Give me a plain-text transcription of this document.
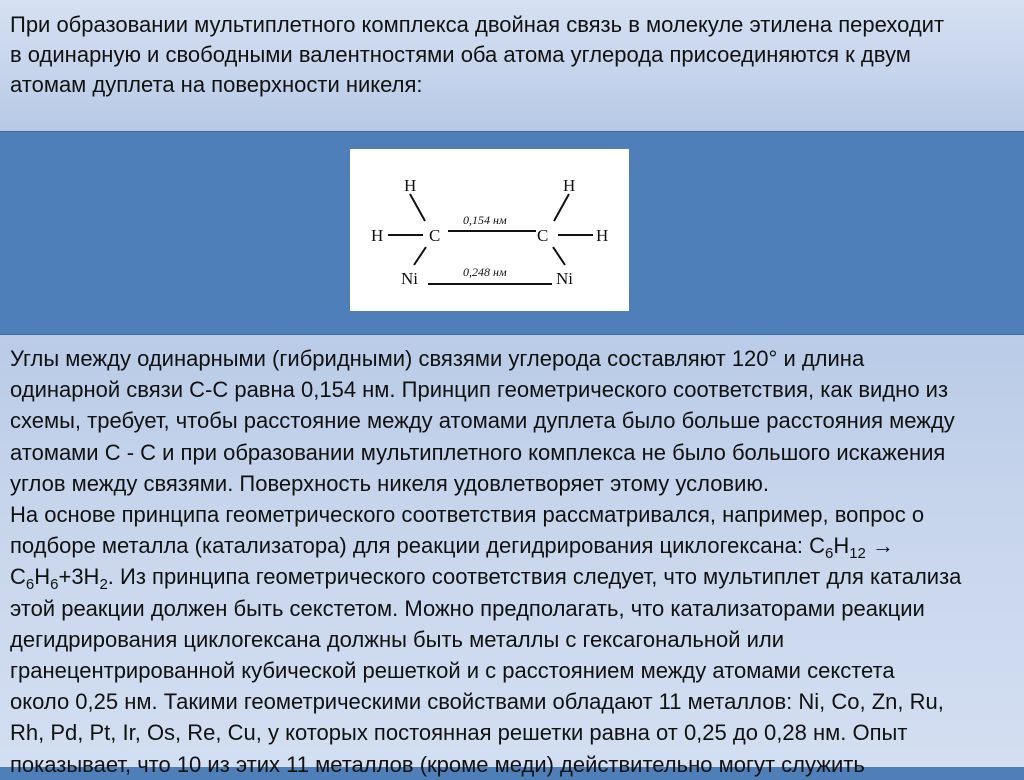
При образовании мультиплетного комплекса двойная связь в молекуле этилена переходит

в одинарную и свободными валентностями оба атома углерода присоединяются к двум

атомам дуплета на поверхности никеля:

H
H	C
Ni
H
H
C
Ni
0,154 нм
0,248 нм

Углы между одинарными (гибридными) связями углерода составляют 120° и длина

одинарной связи С-С равна 0,154 нм. Принцип геометрического соответствия, как видно из

схемы, требует, чтобы расстояние между атомами дуплета было больше расстояния между

атомами С - С и при образовании мультиплетного комплекса не было большого искажения

углов между связями. Поверхность никеля удовлетворяет этому условию.

На основе принципа геометрического соответствия рассматривался, например, вопрос о

подборе металла (катализатора) для реакции дегидрирования циклогексана: $С_6Н_{12}$ →

$С_6Н_6+3Н_2$. Из принципа геометрического соответствия следует, что мультиплет для катализа

этой реакции должен быть секстетом. Можно предполагать, что катализаторами реакции

дегидрирования циклогексана должны быть металлы с гексагональной или

гранецентрированной кубической решеткой и с расстоянием между атомами секстета

около 0,25 нм. Такими геометрическими свойствами обладают 11 металлов: Ni, Co, Zn, Ru,

Rh, Pd, Pt, Ir, Os, Re, Cu, у которых постоянная решетки равна от 0,25 до 0,28 нм. Опыт

показывает, что 10 из этих 11 металлов (кроме меди) действительно могут служить
